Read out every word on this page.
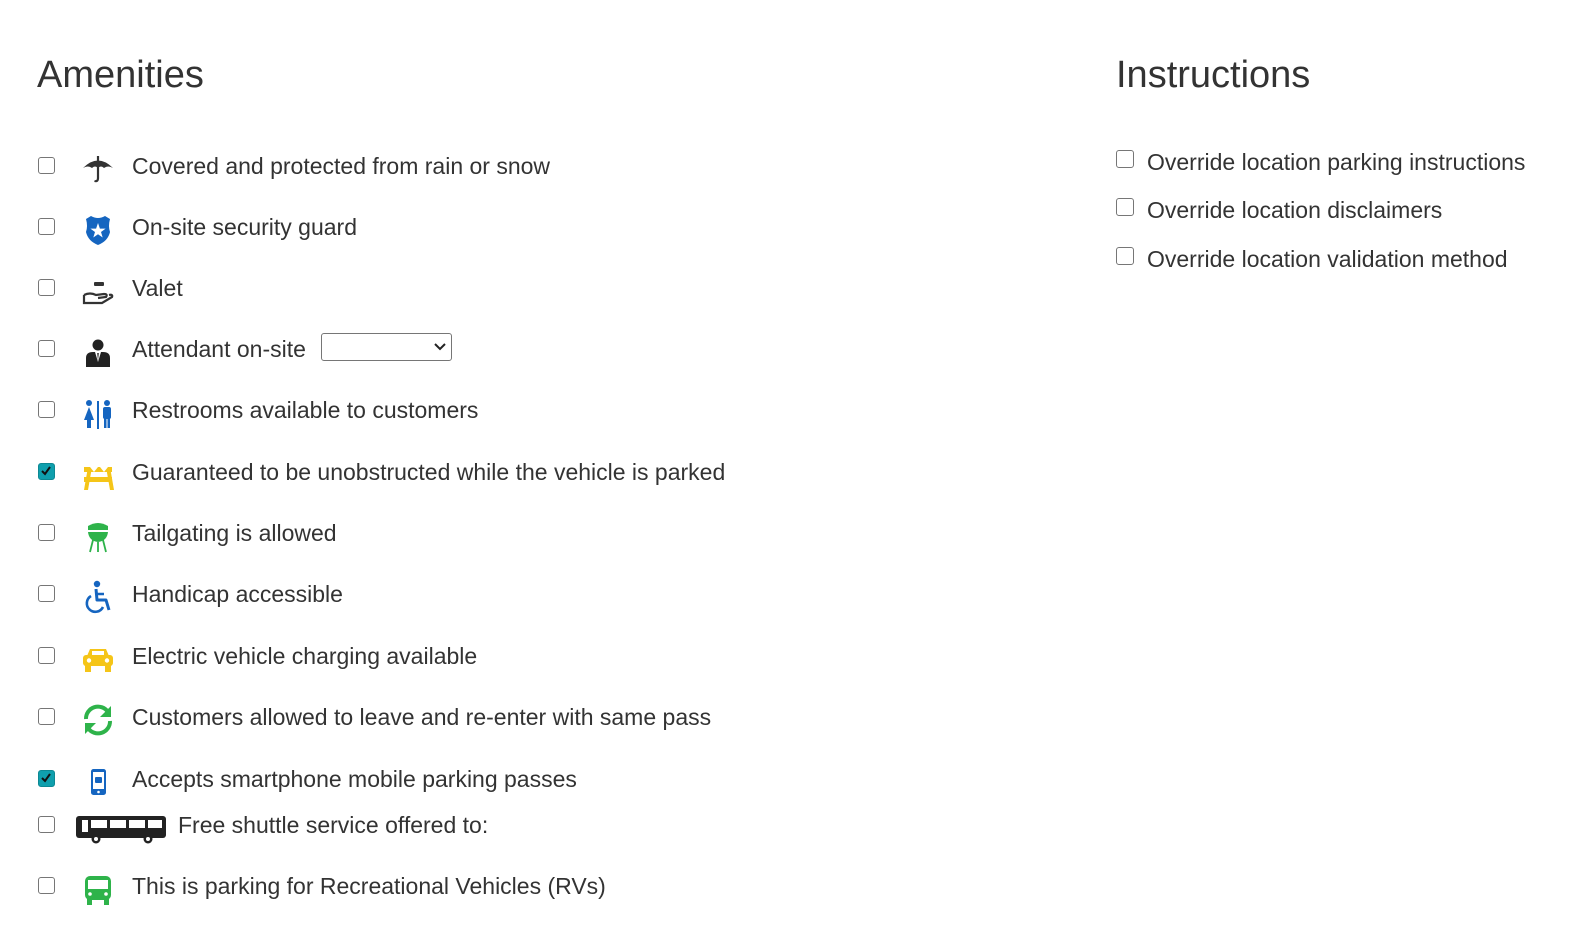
Amenities	Instructions
Covered and protected from rain or snow
On-site security guard
Valet
Attendant on-site
Restrooms available to customers
Guaranteed to be unobstructed while the vehicle is parked
Tailgating is allowed
Handicap accessible
Electric vehicle charging available
Customers allowed to leave and re-enter with same pass
Accepts smartphone mobile parking passes
Free shuttle service offered to:
This is parking for Recreational Vehicles (RVs)
Override location parking instructions
Override location disclaimers
Override location validation method
